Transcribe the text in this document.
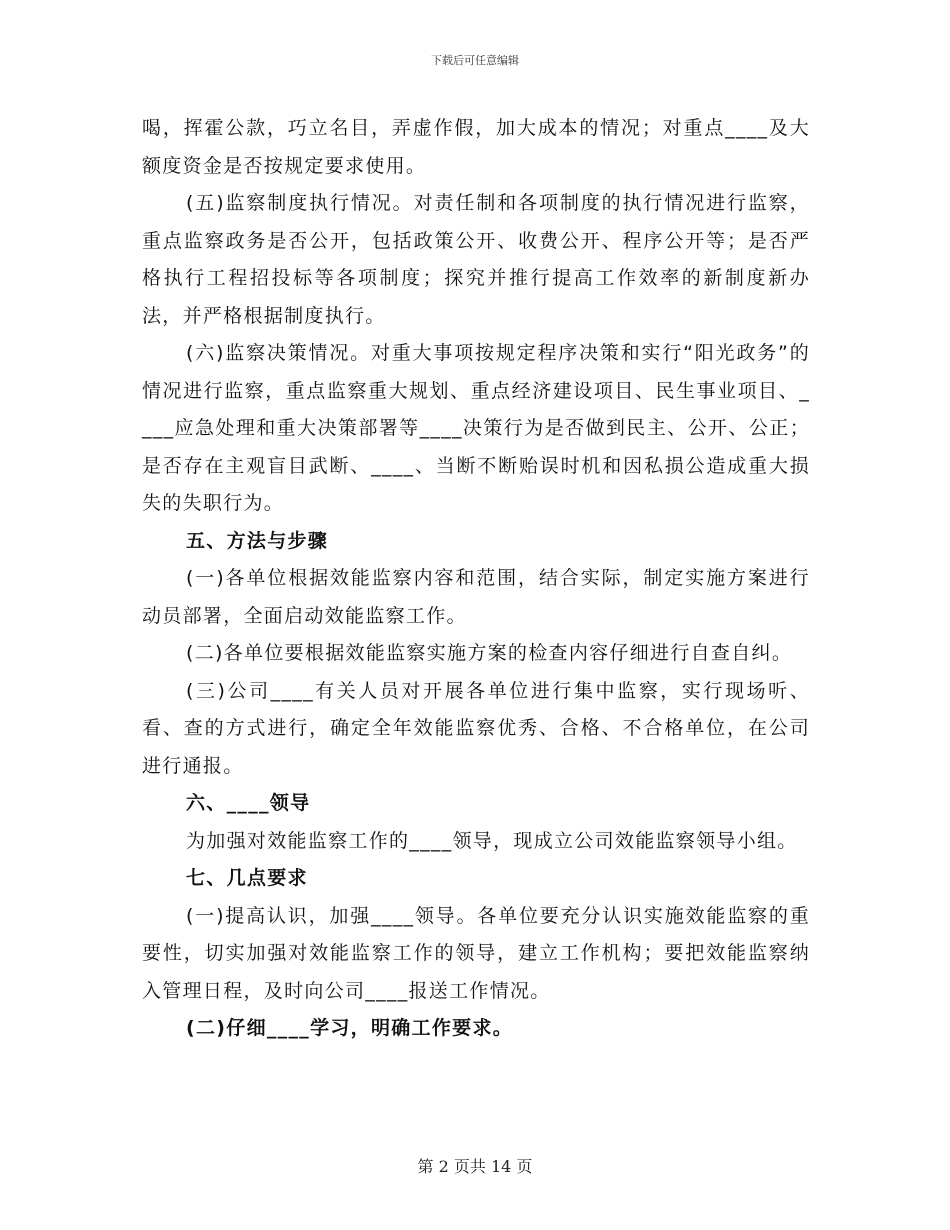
下载后可任意编辑

喝，挥霍公款，巧立名目，弄虚作假，加大成本的情况；对重点____及大额度资金是否按规定要求使用。

(五)监察制度执行情况。对责任制和各项制度的执行情况进行监察，重点监察政务是否公开，包括政策公开、收费公开、程序公开等；是否严格执行工程招投标等各项制度；探究并推行提高工作效率的新制度新办法，并严格根据制度执行。

(六)监察决策情况。对重大事项按规定程序决策和实行“阳光政务”的情况进行监察，重点监察重大规划、重点经济建设项目、民生事业项目、____应急处理和重大决策部署等____决策行为是否做到民主、公开、公正；是否存在主观盲目武断、____、当断不断贻误时机和因私损公造成重大损失的失职行为。

五、方法与步骤

(一)各单位根据效能监察内容和范围，结合实际，制定实施方案进行动员部署，全面启动效能监察工作。

(二)各单位要根据效能监察实施方案的检查内容仔细进行自查自纠。

(三)公司____有关人员对开展各单位进行集中监察，实行现场听、看、查的方式进行，确定全年效能监察优秀、合格、不合格单位，在公司进行通报。

六、____领导

为加强对效能监察工作的____领导，现成立公司效能监察领导小组。

七、几点要求

(一)提高认识，加强____领导。各单位要充分认识实施效能监察的重要性，切实加强对效能监察工作的领导，建立工作机构；要把效能监察纳入管理日程，及时向公司____报送工作情况。

(二)仔细____学习，明确工作要求。

第 2 页共 14 页
